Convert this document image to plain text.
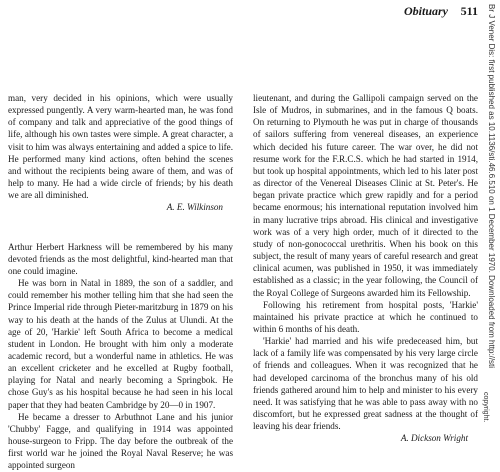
Obituary 511

man, very decided in his opinions, which were usually expressed pungently. A very warm-hearted man, he was fond of company and talk and appreciative of the good things of life, although his own tastes were simple. A great character, a visit to him was always entertaining and added a spice to life. He performed many kind actions, often behind the scenes and without the recipients being aware of them, and was of help to many. He had a wide circle of friends; by his death we are all diminished.

A. E. Wilkinson

Arthur Herbert Harkness will be remembered by his many devoted friends as the most delightful, kind-hearted man that one could imagine.

He was born in Natal in 1889, the son of a saddler, and could remember his mother telling him that she had seen the Prince Imperial ride through Pieter-maritzburg in 1879 on his way to his death at the hands of the Zulus at Ulundi. At the age of 20, 'Harkie' left South Africa to become a medical student in London. He brought with him only a moderate academic record, but a wonderful name in athletics. He was an excellent cricketer and he excelled at Rugby football, playing for Natal and nearly becoming a Springbok. He chose Guy's as his hospital because he had seen in his local paper that they had beaten Cambridge by 20—0 in 1907.

He became a dresser to Arbuthnot Lane and his junior 'Chubby' Fagge, and qualifying in 1914 was appointed house-surgeon to Fripp. The day before the outbreak of the first world war he joined the Royal Naval Reserve; he was appointed surgeon

lieutenant, and during the Gallipoli campaign served on the Isle of Mudros, in submarines, and in the famous Q boats. On returning to Plymouth he was put in charge of thousands of sailors suffering from venereal diseases, an experience which decided his future career. The war over, he did not resume work for the F.R.C.S. which he had started in 1914, but took up hospital appointments, which led to his later post as director of the Venereal Diseases Clinic at St. Peter's. He began private practice which grew rapidly and for a period became enormous; his international reputation involved him in many lucrative trips abroad. His clinical and investigative work was of a very high order, much of it directed to the study of non-gonococcal urethritis. When his book on this subject, the result of many years of careful research and great clinical acumen, was published in 1950, it was immediately established as a classic; in the year following, the Council of the Royal College of Surgeons awarded him its Fellowship.

Following his retirement from hospital posts, 'Harkie' maintained his private practice at which he continued to within 6 months of his death.

'Harkie' had married and his wife predeceased him, but lack of a family life was compensated by his very large circle of friends and colleagues. When it was recognized that he had developed carcinoma of the bronchus many of his old friends gathered around him to help and minister to his every need. It was satisfying that he was able to pass away with no discomfort, but he expressed great sadness at the thought of leaving his dear friends.

A. Dickson Wright

Br J Vener Dis: first published as 10.1136/sti.46.6.510 on 1 December 1970. Downloaded from http://sti
copyright.
